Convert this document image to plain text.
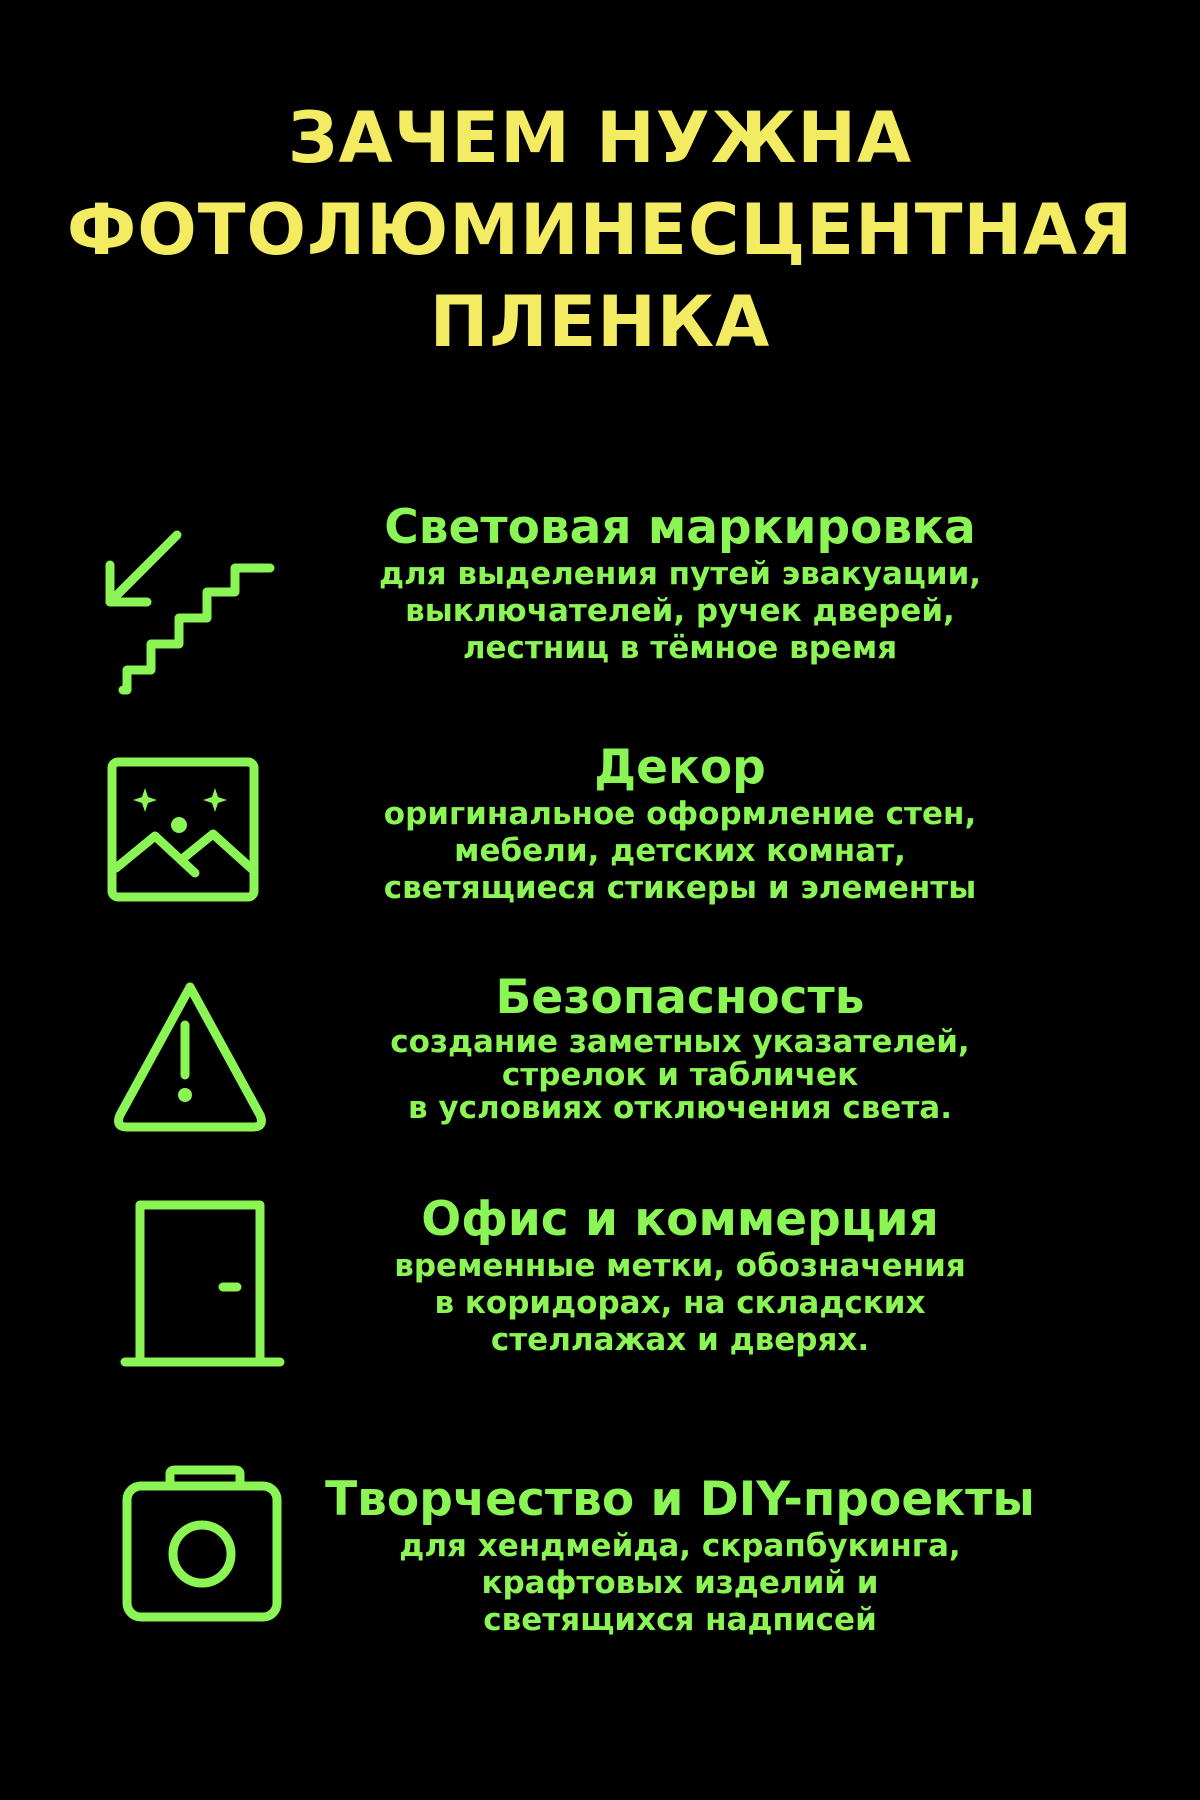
ЗАЧЕМ НУЖНА
ФОТОЛЮМИНЕСЦЕНТНАЯ
ПЛЕНКА
Световая маркировка
для выделения путей эвакуации,
выключателей, ручек дверей,
лестниц в тёмное время
Декор
оригинальное оформление стен,
мебели, детских комнат,
светящиеся стикеры и элементы
Безопасность
создание заметных указателей,
стрелок и табличек
в условиях отключения света.
Офис и коммерция
временные метки, обозначения
в коридорах, на складских
стеллажах и дверях.
Творчество и DIY-проекты
для хендмейда, скрапбукинга,
крафтовых изделий и
светящихся надписей
